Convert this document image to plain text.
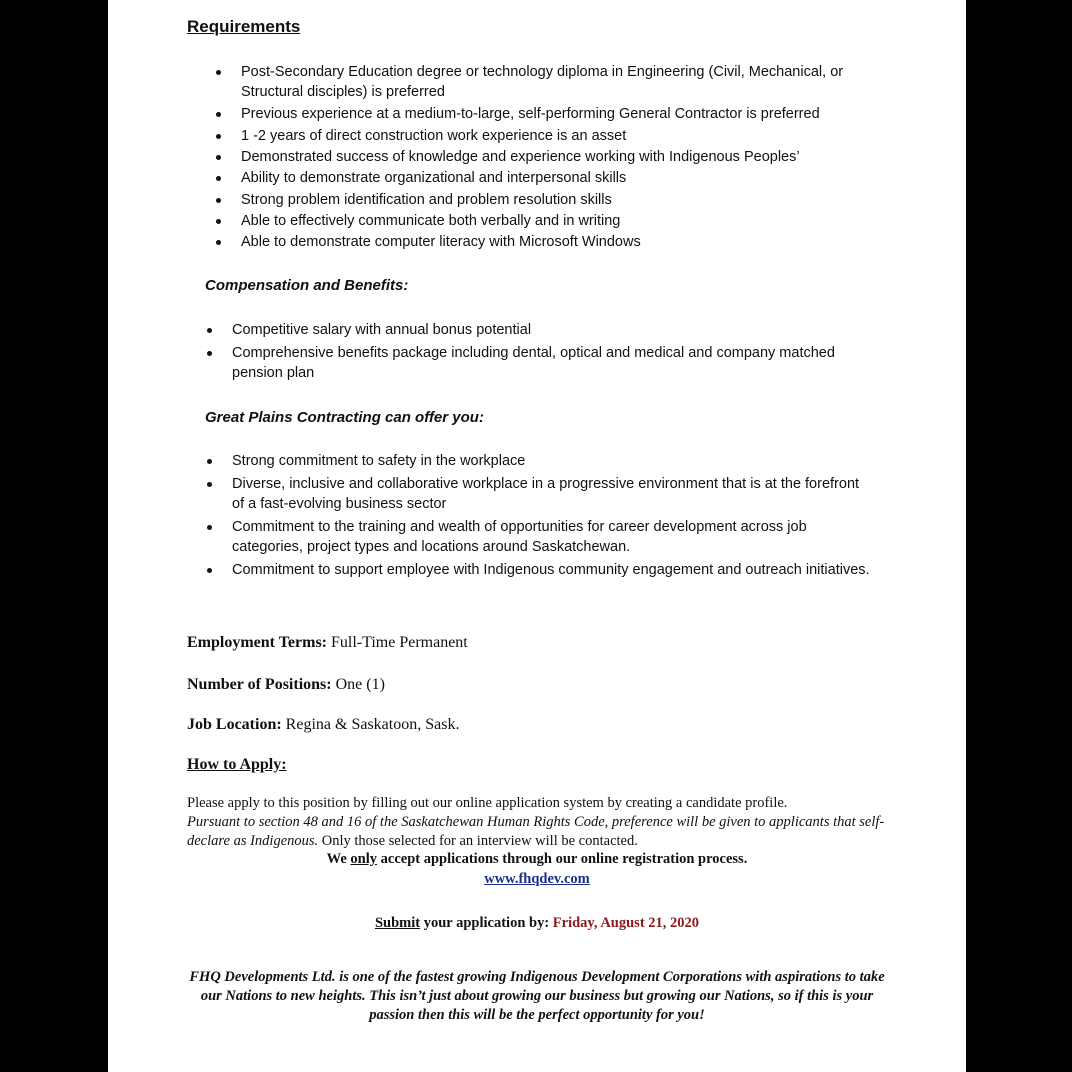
Requirements
Post-Secondary Education degree or technology diploma in Engineering (Civil, Mechanical, or Structural disciples) is preferred
Previous experience at a medium-to-large, self-performing General Contractor is preferred
1 -2 years of direct construction work experience is an asset
Demonstrated success of knowledge and experience working with Indigenous Peoples’
Ability to demonstrate organizational and interpersonal skills
Strong problem identification and problem resolution skills
Able to effectively communicate both verbally and in writing
Able to demonstrate computer literacy with Microsoft Windows
Compensation and Benefits:
Competitive salary with annual bonus potential
Comprehensive benefits package including dental, optical and medical and company matched pension plan
Great Plains Contracting can offer you:
Strong commitment to safety in the workplace
Diverse, inclusive and collaborative workplace in a progressive environment that is at the forefront of a fast-evolving business sector
Commitment to the training and wealth of opportunities for career development across job categories, project types and locations around Saskatchewan.
Commitment to support employee with Indigenous community engagement and outreach initiatives.
Employment Terms: Full-Time Permanent
Number of Positions: One (1)
Job Location: Regina & Saskatoon, Sask.
How to Apply:
Please apply to this position by filling out our online application system by creating a candidate profile.
Pursuant to section 48 and 16 of the Saskatchewan Human Rights Code, preference will be given to applicants that self-declare as Indigenous. Only those selected for an interview will be contacted.
We only accept applications through our online registration process.
www.fhqdev.com
Submit your application by: Friday, August 21, 2020
FHQ Developments Ltd. is one of the fastest growing Indigenous Development Corporations with aspirations to take our Nations to new heights. This isn’t just about growing our business but growing our Nations, so if this is your passion then this will be the perfect opportunity for you!
